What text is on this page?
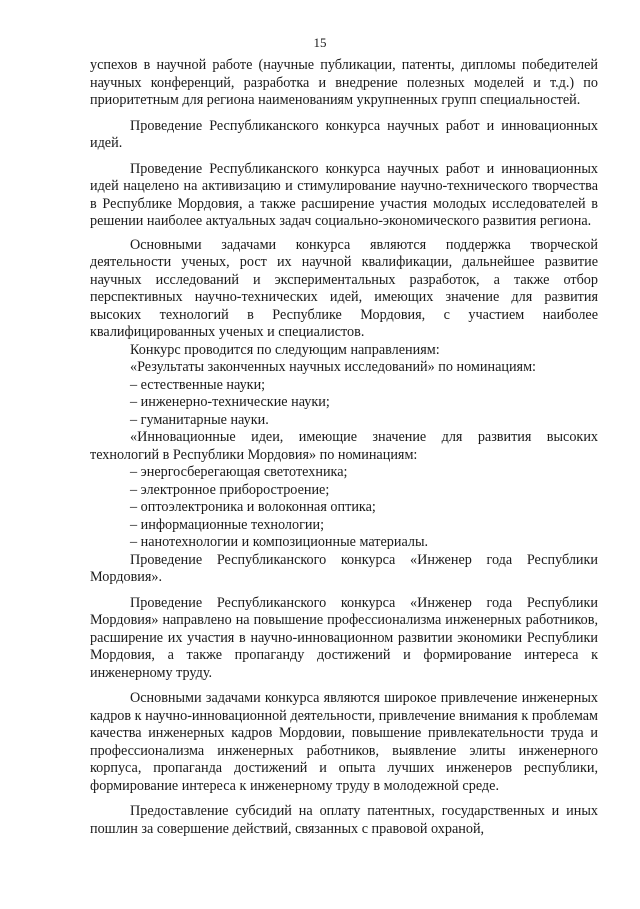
15

успехов в научной работе (научные публикации, патенты, дипломы победителей научных конференций, разработка и внедрение полезных моделей и т.д.) по приоритетным для региона наименованиям укрупненных групп специальностей.

Проведение Республиканского конкурса научных работ и инновационных идей.

Проведение Республиканского конкурса научных работ и инновационных идей нацелено на активизацию и стимулирование научно-технического творчества в Республике Мордовия, а также расширение участия молодых исследователей в решении наиболее актуальных задач социально-экономического развития региона.

Основными задачами конкурса являются поддержка творческой деятельности ученых, рост их научной квалификации, дальнейшее развитие научных исследований и экспериментальных разработок, а также отбор перспективных научно-технических идей, имеющих значение для развития высоких технологий в Республике Мордовия, с участием наиболее квалифицированных ученых и специалистов.

Конкурс проводится по следующим направлениям:

«Результаты законченных научных исследований» по номинациям:

– естественные науки;

– инженерно-технические науки;

– гуманитарные науки.

«Инновационные идеи, имеющие значение для развития высоких технологий в Республики Мордовия» по номинациям:

– энергосберегающая светотехника;

– электронное приборостроение;

– оптоэлектроника и волоконная оптика;

– информационные технологии;

– нанотехнологии и композиционные материалы.

Проведение Республиканского конкурса «Инженер года Республики Мордовия».

Проведение Республиканского конкурса «Инженер года Республики Мордовия» направлено на повышение профессионализма инженерных работников, расширение их участия в научно-инновационном развитии экономики Республики Мордовия, а также пропаганду достижений и формирование интереса к инженерному труду.

Основными задачами конкурса являются широкое привлечение инженерных кадров к научно-инновационной деятельности, привлечение внимания к проблемам качества инженерных кадров Мордовии, повышение привлекательности труда и профессионализма инженерных работников, выявление элиты инженерного корпуса, пропаганда достижений и опыта лучших инженеров республики, формирование интереса к инженерному труду в молодежной среде.

Предоставление субсидий на оплату патентных, государственных и иных пошлин за совершение действий, связанных с правовой охраной,
